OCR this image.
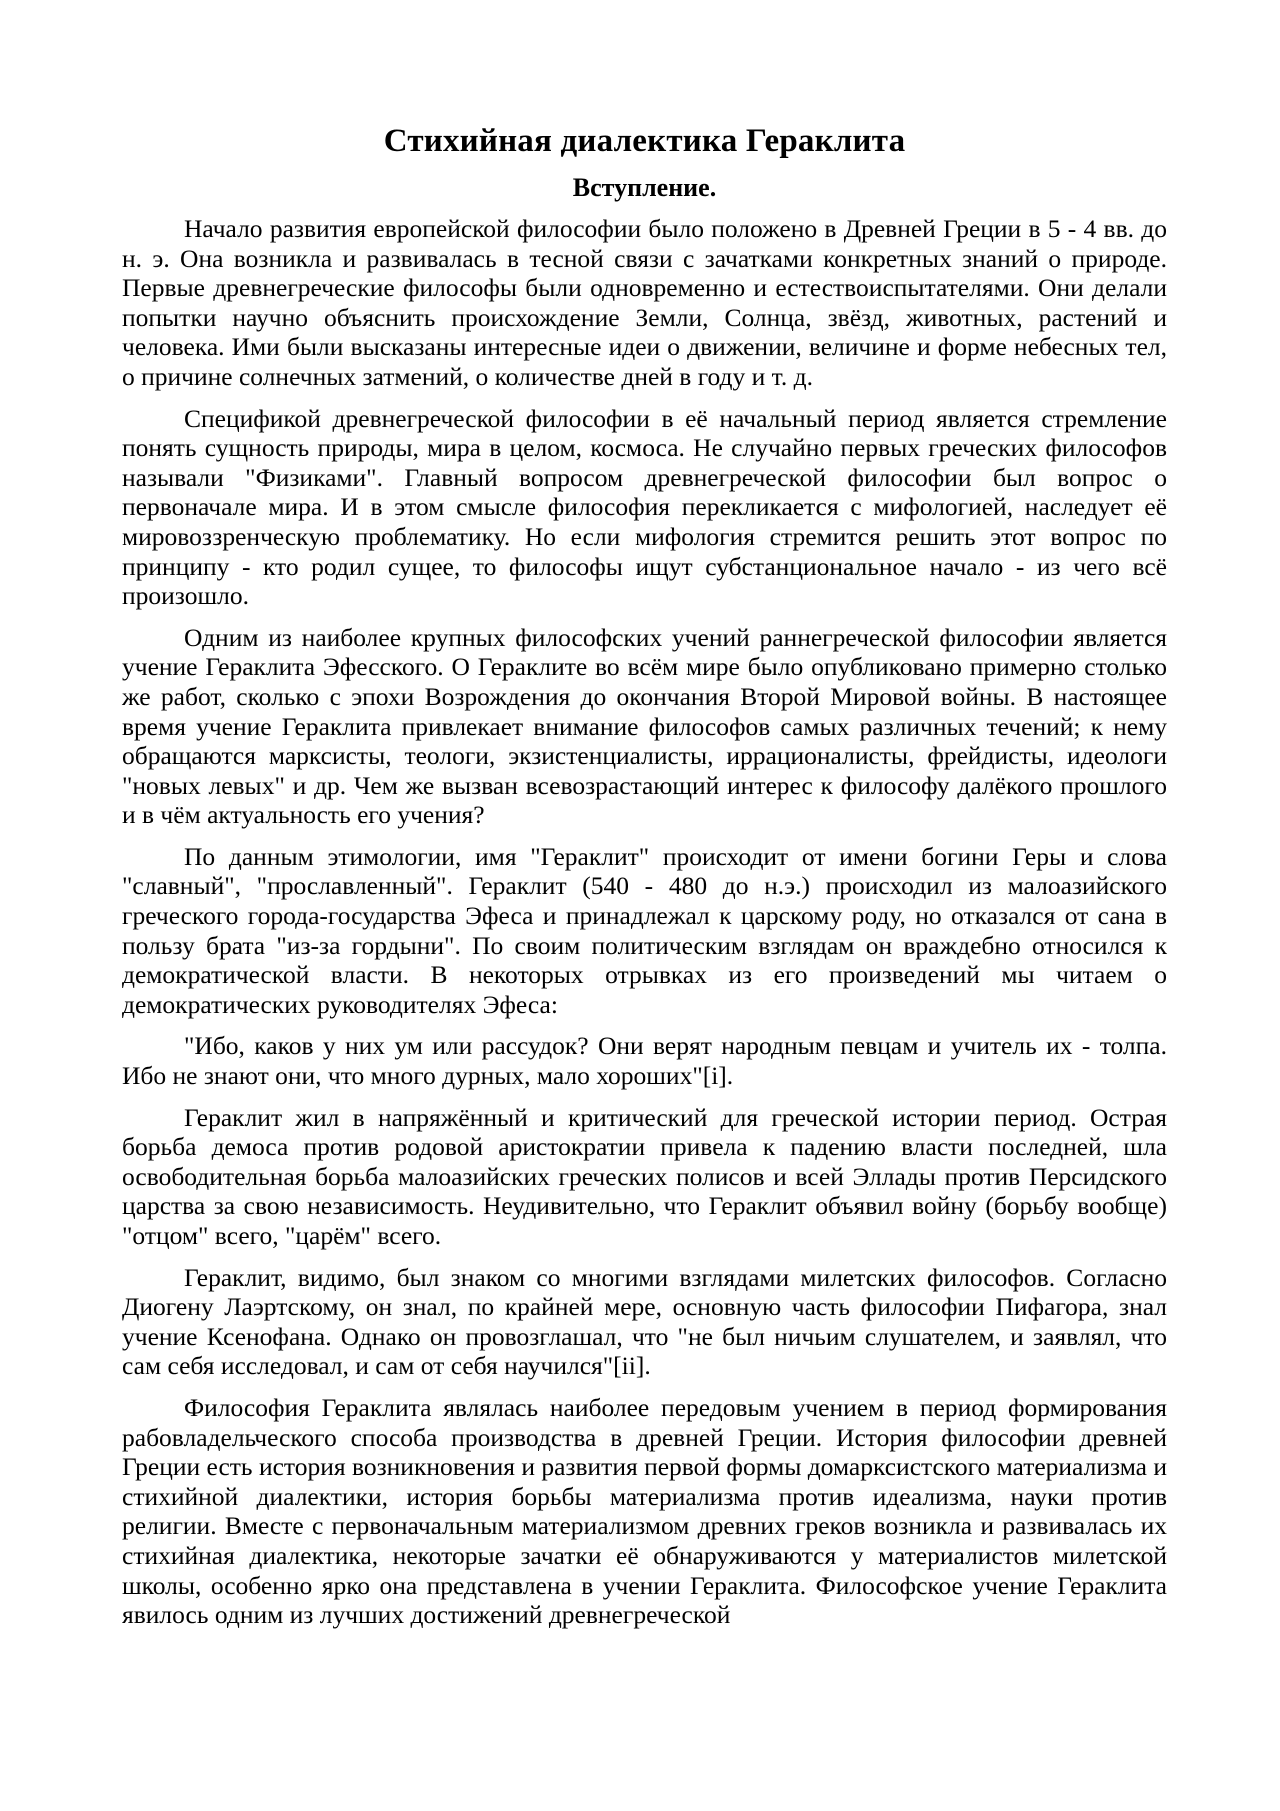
Стихийная диалектика Гераклита
Вступление.

Начало развития европейской философии было положено в Древней Греции в 5 - 4 вв. до н. э. Она возникла и развивалась в тесной связи с зачатками конкретных знаний о природе. Первые древнегреческие философы были одновременно и естествоиспытателями. Они делали попытки научно объяснить происхождение Земли, Солнца, звёзд, животных, растений и человека. Ими были высказаны интересные идеи о движении, величине и форме небесных тел, о причине солнечных затмений, о количестве дней в году и т. д.

Спецификой древнегреческой философии в её начальный период является стремление понять сущность природы, мира в целом, космоса. Не случайно первых греческих философов называли "Физиками". Главный вопросом древнегреческой философии был вопрос о первоначале мира. И в этом смысле философия перекликается с мифологией, наследует её мировоззренческую проблематику. Но если мифология стремится решить этот вопрос по принципу - кто родил сущее, то философы ищут субстанциональное начало - из чего всё произошло.

Одним из наиболее крупных философских учений раннегреческой философии является учение Гераклита Эфесского. О Гераклите во всём мире было опубликовано примерно столько же работ, сколько с эпохи Возрождения до окончания Второй Мировой войны. В настоящее время учение Гераклита привлекает внимание философов самых различных течений; к нему обращаются марксисты, теологи, экзистенциалисты, иррационалисты, фрейдисты, идеологи "новых левых" и др. Чем же вызван всевозрастающий интерес к философу далёкого прошлого и в чём актуальность его учения?

По данным этимологии, имя "Гераклит" происходит от имени богини Геры и слова "славный", "прославленный". Гераклит (540 - 480 до н.э.) происходил из малоазийского греческого города-государства Эфеса и принадлежал к царскому роду, но отказался от сана в пользу брата "из-за гордыни". По своим политическим взглядам он враждебно относился к демократической власти. В некоторых отрывках из его произведений мы читаем о демократических руководителях Эфеса:

"Ибо, каков у них ум или рассудок? Они верят народным певцам и учитель их - толпа. Ибо не знают они, что много дурных, мало хороших"[i].

Гераклит жил в напряжённый и критический для греческой истории период. Острая борьба демоса против родовой аристократии привела к падению власти последней, шла освободительная борьба малоазийских греческих полисов и всей Эллады против Персидского царства за свою независимость. Неудивительно, что Гераклит объявил войну (борьбу вообще) "отцом" всего, "царём" всего.

Гераклит, видимо, был знаком со многими взглядами милетских философов. Согласно Диогену Лаэртскому, он знал, по крайней мере, основную часть философии Пифагора, знал учение Ксенофана. Однако он провозглашал, что "не был ничьим слушателем, и заявлял, что сам себя исследовал, и сам от себя научился"[ii].

Философия Гераклита являлась наиболее передовым учением в период формирования рабовладельческого способа производства в древней Греции. История философии древней Греции есть история возникновения и развития первой формы домарксистского материализма и стихийной диалектики, история борьбы материализма против идеализма, науки против религии. Вместе с первоначальным материализмом древних греков возникла и развивалась их стихийная диалектика, некоторые зачатки её обнаруживаются у материалистов милетской школы, особенно ярко она представлена в учении Гераклита. Философское учение Гераклита явилось одним из лучших достижений древнегреческой
